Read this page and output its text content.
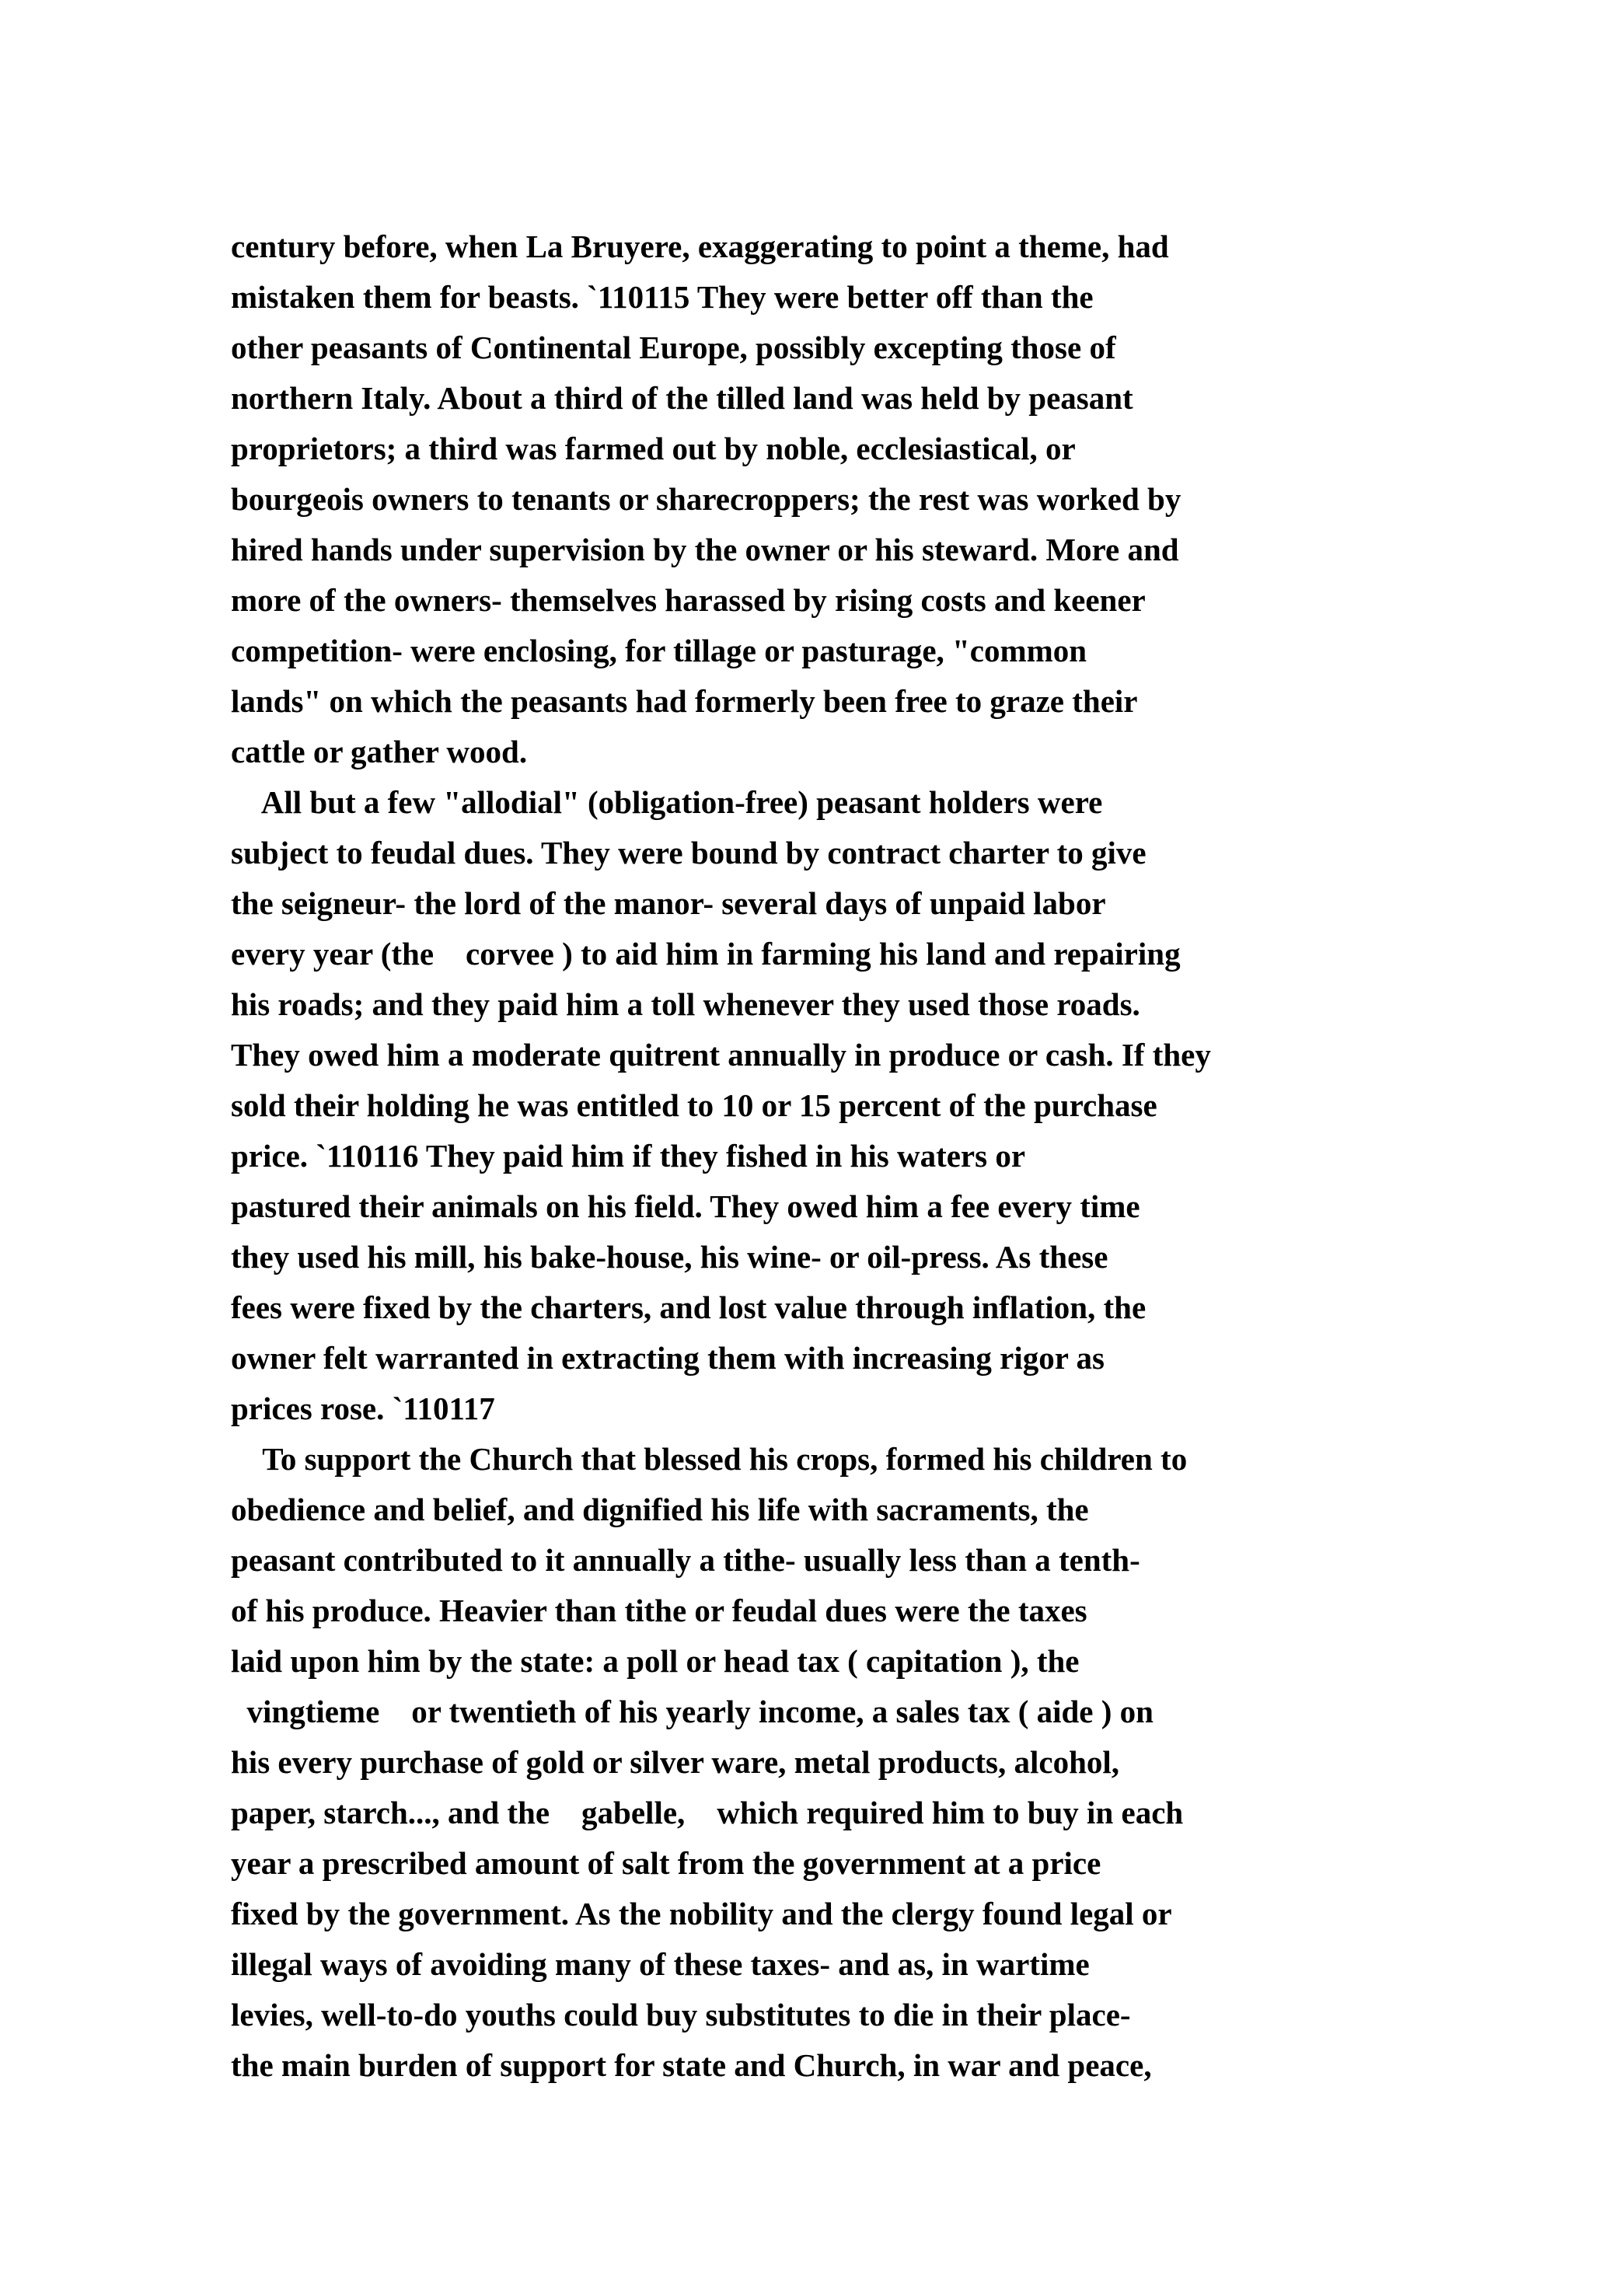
century before, when La Bruyere, exaggerating to point a theme, had
mistaken them for beasts. `110115 They were better off than the
other peasants of Continental Europe, possibly excepting those of
northern Italy. About a third of the tilled land was held by peasant
proprietors; a third was farmed out by noble, ecclesiastical, or
bourgeois owners to tenants or sharecroppers; the rest was worked by
hired hands under supervision by the owner or his steward. More and
more of the owners- themselves harassed by rising costs and keener
competition- were enclosing, for tillage or pasturage, "common
lands" on which the peasants had formerly been free to graze their
cattle or gather wood.
All but a few "allodial" (obligation-free) peasant holders were
subject to feudal dues. They were bound by contract charter to give
the seigneur- the lord of the manor- several days of unpaid labor
every year (the    corvee ) to aid him in farming his land and repairing
his roads; and they paid him a toll whenever they used those roads.
They owed him a moderate quitrent annually in produce or cash. If they
sold their holding he was entitled to 10 or 15 percent of the purchase
price. `110116 They paid him if they fished in his waters or
pastured their animals on his field. They owed him a fee every time
they used his mill, his bake-house, his wine- or oil-press. As these
fees were fixed by the charters, and lost value through inflation, the
owner felt warranted in extracting them with increasing rigor as
prices rose. `110117
To support the Church that blessed his crops, formed his children to
obedience and belief, and dignified his life with sacraments, the
peasant contributed to it annually a tithe- usually less than a tenth-
of his produce. Heavier than tithe or feudal dues were the taxes
laid upon him by the state: a poll or head tax ( capitation ), the
vingtieme    or twentieth of his yearly income, a sales tax ( aide ) on
his every purchase of gold or silver ware, metal products, alcohol,
paper, starch..., and the    gabelle,    which required him to buy in each
year a prescribed amount of salt from the government at a price
fixed by the government. As the nobility and the clergy found legal or
illegal ways of avoiding many of these taxes- and as, in wartime
levies, well-to-do youths could buy substitutes to die in their place-
the main burden of support for state and Church, in war and peace,
